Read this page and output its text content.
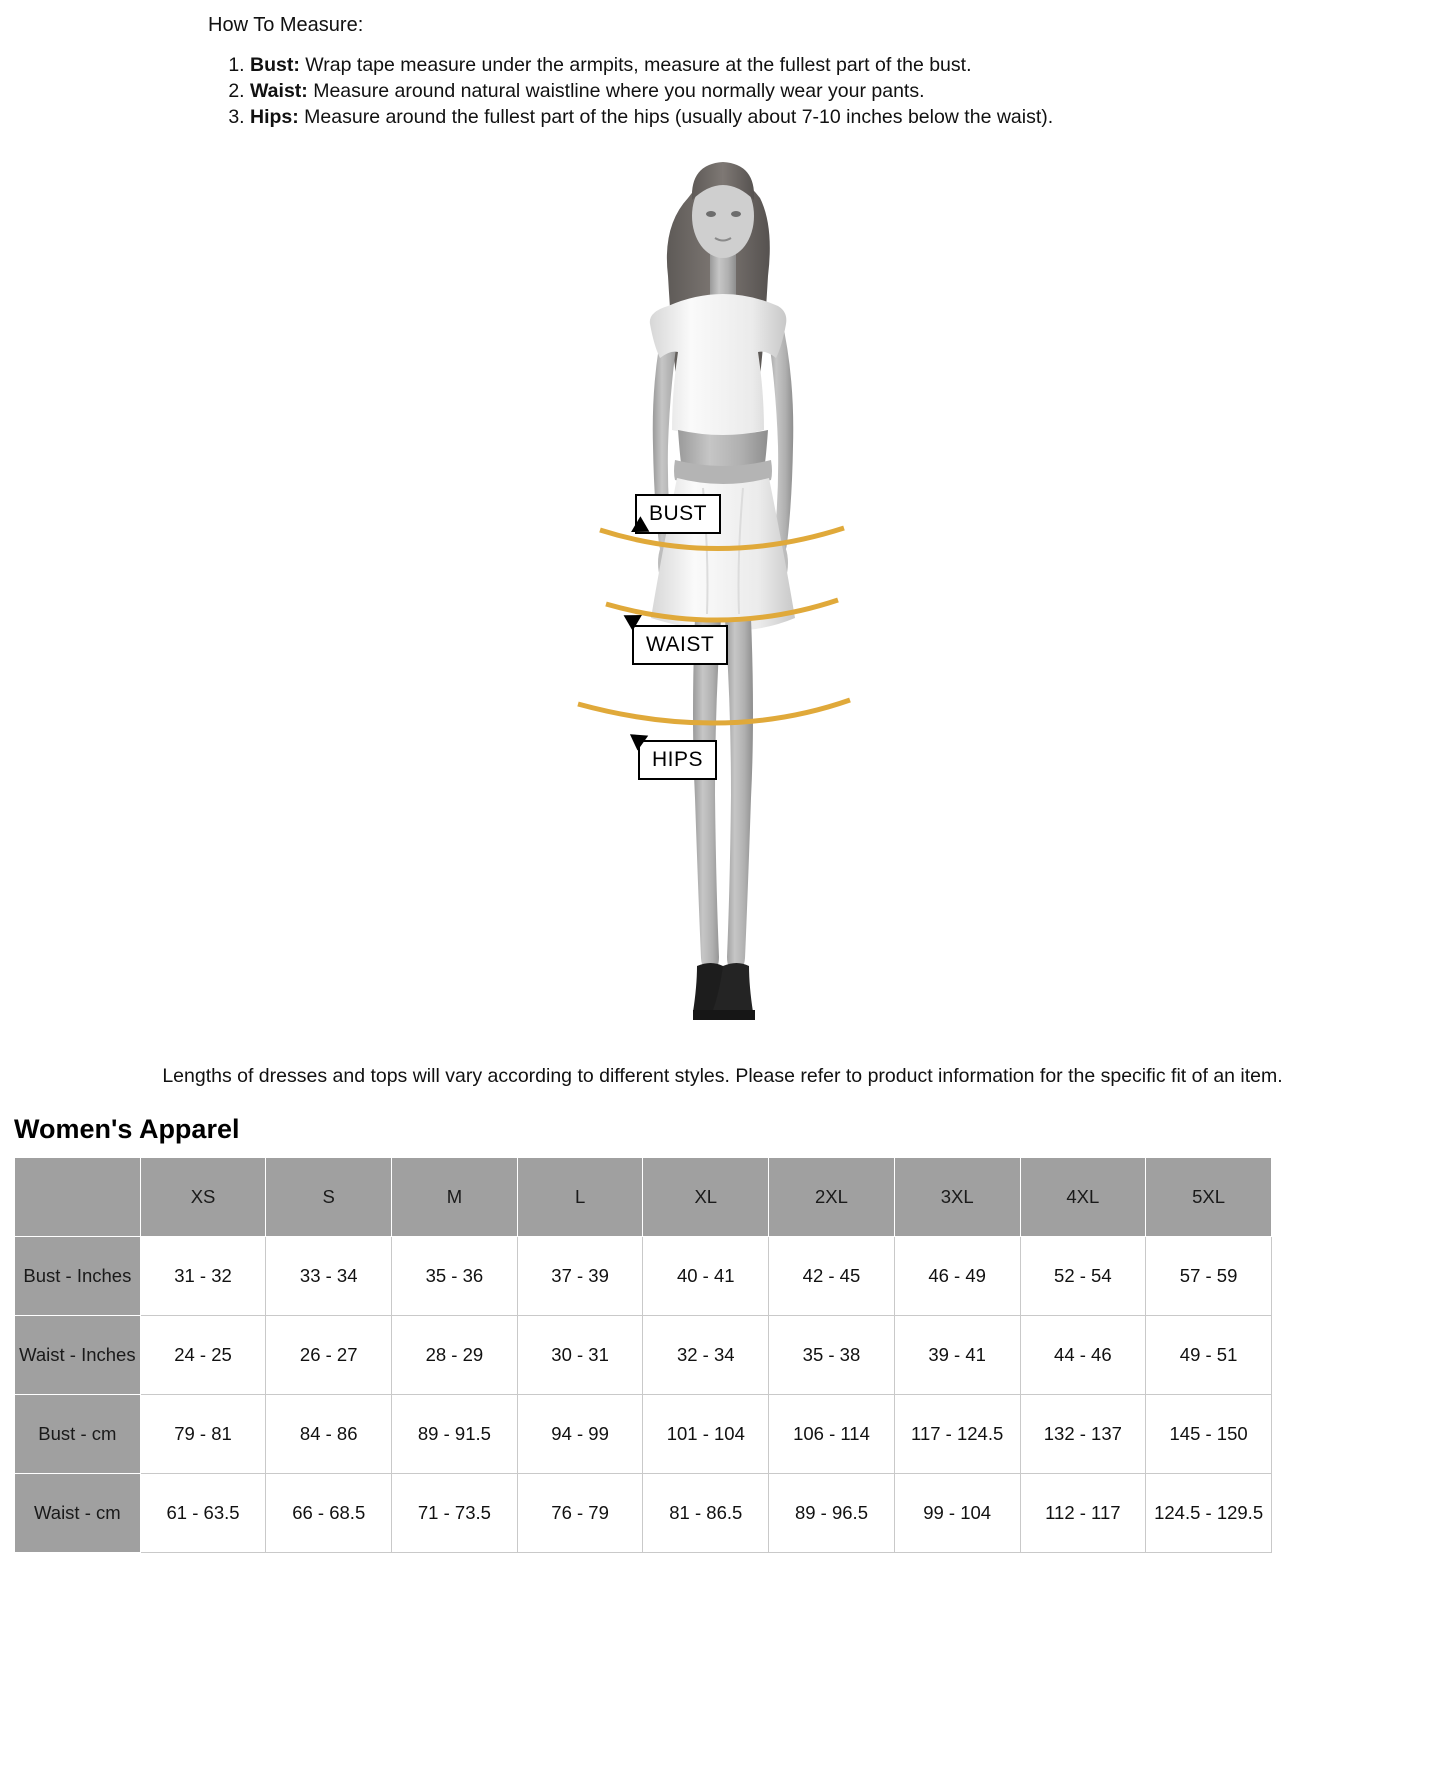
How To Measure:
1. Bust: Wrap tape measure under the armpits, measure at the fullest part of the bust.
2. Waist: Measure around natural waistline where you normally wear your pants.
3. Hips: Measure around the fullest part of the hips (usually about 7-10 inches below the waist).
BUST
WAIST
HIPS
Lengths of dresses and tops will vary according to different styles. Please refer to product information for the specific fit of an item.
Women's Apparel
	XS	S	M	L	XL	2XL	3XL	4XL	5XL
Bust - Inches	31 - 32	33 - 34	35 - 36	37 - 39	40 - 41	42 - 45	46 - 49	52 - 54	57 - 59
Waist - Inches	24 - 25	26 - 27	28 - 29	30 - 31	32 - 34	35 - 38	39 - 41	44 - 46	49 - 51
Bust - cm	79 - 81	84 - 86	89 - 91.5	94 - 99	101 - 104	106 - 114	117 - 124.5	132 - 137	145 - 150
Waist - cm	61 - 63.5	66 - 68.5	71 - 73.5	76 - 79	81 - 86.5	89 - 96.5	99 - 104	112 - 117	124.5 - 129.5
